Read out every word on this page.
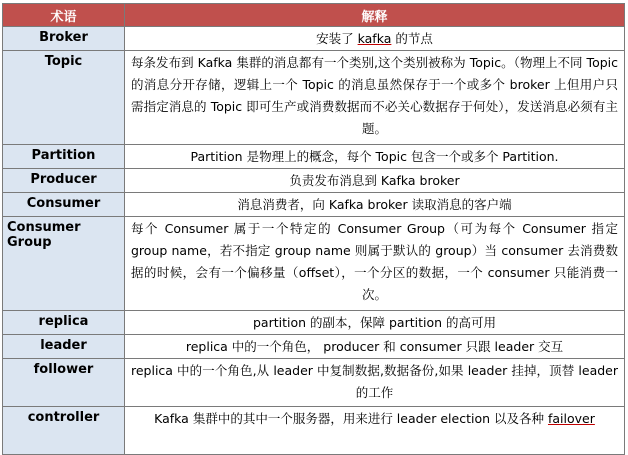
术语	解释
Broker	安装了 kafka 的节点
Topic	每条发布到 Kafka 集群的消息都有一个类别,这个类别被称为 Topic。（物理上不同 Topic 的消息分开存储，逻辑上一个 Topic 的消息虽然保存于一个或多个 broker 上但用户只需指定消息的 Topic 即可生产或消费数据而不必关心数据存于何处），发送消息必须有主题。
Partition	Partition 是物理上的概念，每个 Topic 包含一个或多个 Partition.
Producer	负责发布消息到 Kafka broker
Consumer	消息消费者，向 Kafka broker 读取消息的客户端
Consumer Group	每个 Consumer 属于一个特定的 Consumer Group（可为每个 Consumer 指定 group name，若不指定 group name 则属于默认的 group）当 consumer 去消费数据的时候，会有一个偏移量（offset），一个分区的数据，一个 consumer 只能消费一次。
replica	partition 的副本，保障 partition 的高可用
leader	replica 中的一个角色， producer 和 consumer 只跟 leader 交互
follower	replica 中的一个角色,从 leader 中复制数据,数据备份,如果 leader 挂掉，顶替 leader 的工作
controller	Kafka 集群中的其中一个服务器，用来进行 leader election 以及各种 failover
